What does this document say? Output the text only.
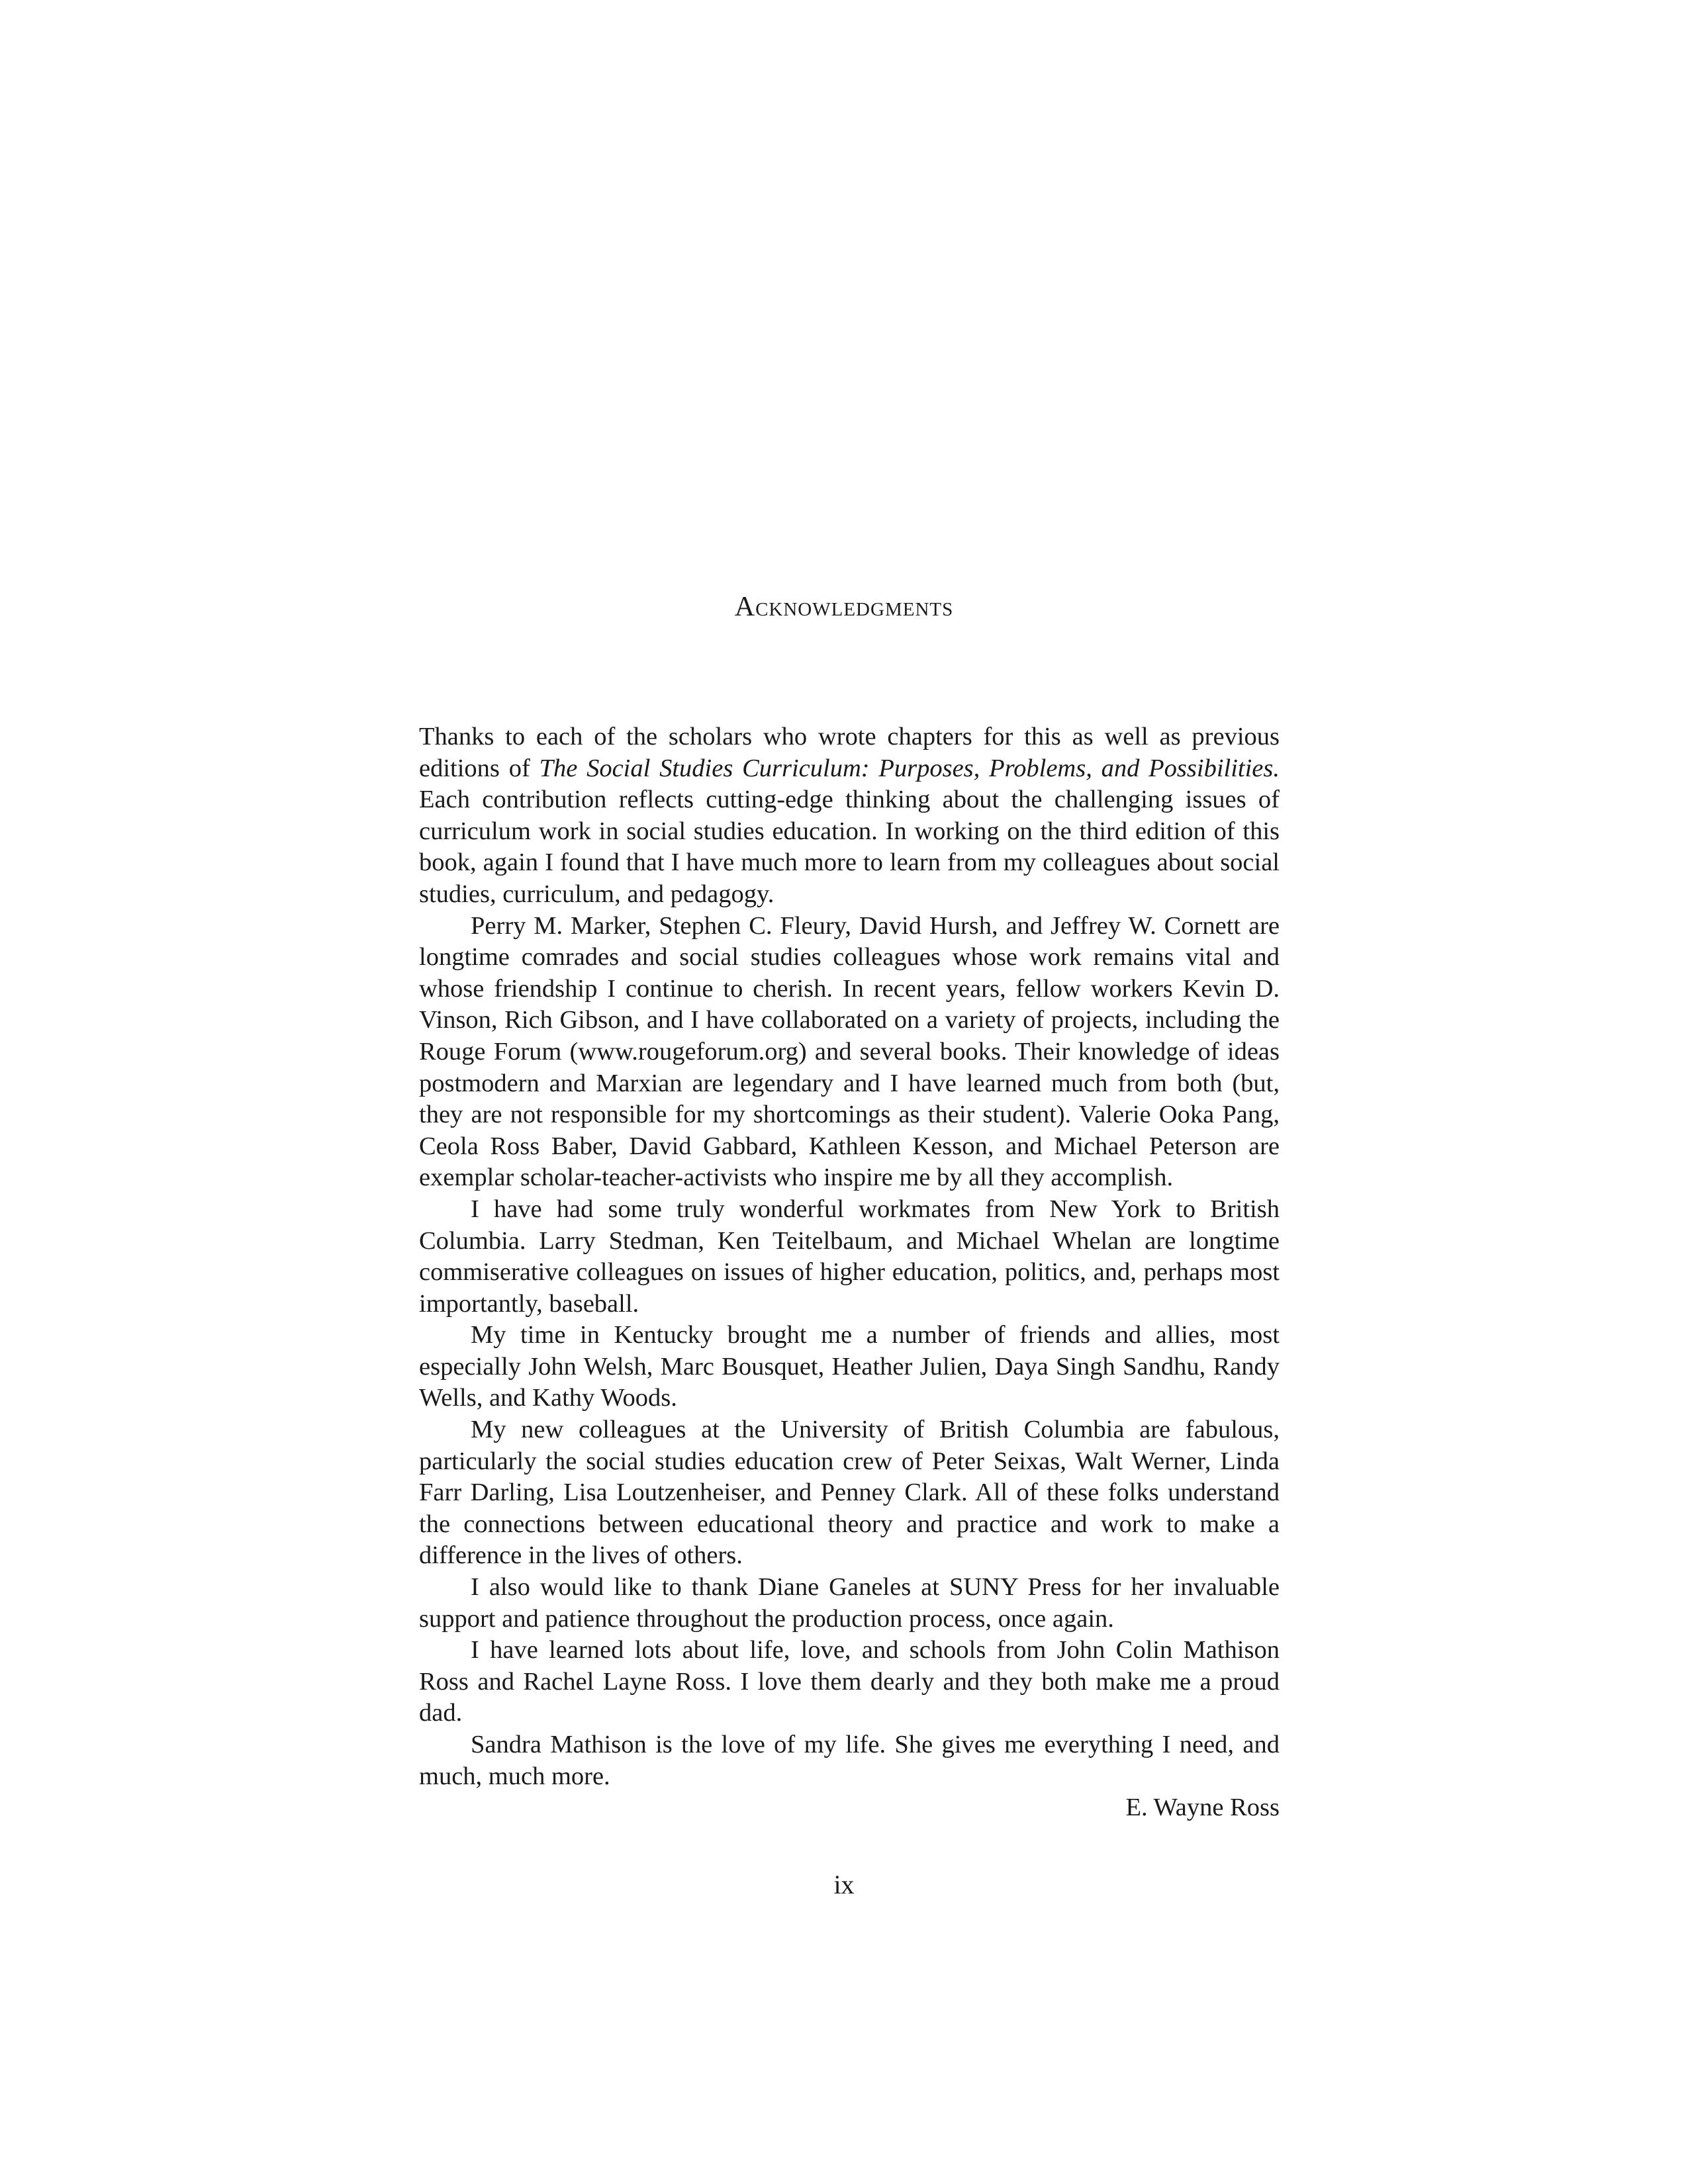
Acknowledgments

Thanks to each of the scholars who wrote chapters for this as well as previous editions of The Social Studies Curriculum: Purposes, Problems, and Possibilities. Each contribution reflects cutting-edge thinking about the challenging issues of curriculum work in social studies education. In working on the third edition of this book, again I found that I have much more to learn from my colleagues about social studies, curriculum, and pedagogy.

Perry M. Marker, Stephen C. Fleury, David Hursh, and Jeffrey W. Cornett are longtime comrades and social studies colleagues whose work remains vital and whose friendship I continue to cherish. In recent years, fellow workers Kevin D. Vinson, Rich Gibson, and I have collaborated on a variety of projects, including the Rouge Forum (www.rougeforum.org) and several books. Their knowledge of ideas postmodern and Marxian are legendary and I have learned much from both (but, they are not responsible for my shortcomings as their student). Valerie Ooka Pang, Ceola Ross Baber, David Gabbard, Kathleen Kesson, and Michael Peterson are exemplar scholar-teacher-activists who inspire me by all they accomplish.

I have had some truly wonderful workmates from New York to British Columbia. Larry Stedman, Ken Teitelbaum, and Michael Whelan are longtime commiserative colleagues on issues of higher education, politics, and, perhaps most importantly, baseball.

My time in Kentucky brought me a number of friends and allies, most especially John Welsh, Marc Bousquet, Heather Julien, Daya Singh Sandhu, Randy Wells, and Kathy Woods.

My new colleagues at the University of British Columbia are fabulous, particularly the social studies education crew of Peter Seixas, Walt Werner, Linda Farr Darling, Lisa Loutzenheiser, and Penney Clark. All of these folks understand the connections between educational theory and practice and work to make a difference in the lives of others.

I also would like to thank Diane Ganeles at SUNY Press for her invaluable support and patience throughout the production process, once again.

I have learned lots about life, love, and schools from John Colin Mathison Ross and Rachel Layne Ross. I love them dearly and they both make me a proud dad.

Sandra Mathison is the love of my life. She gives me everything I need, and much, much more.

E. Wayne Ross

ix
